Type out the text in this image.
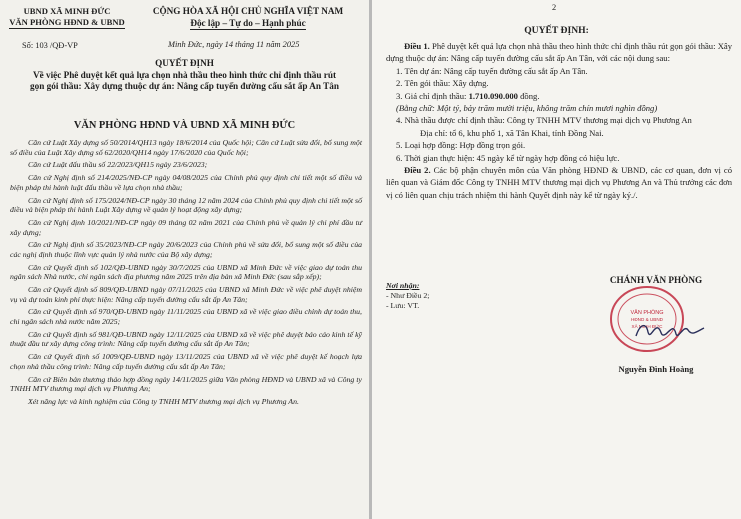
UBND XÃ MINH ĐỨC
VĂN PHÒNG HĐND & UBND
Số: 103 /QĐ-VP
CỘNG HÒA XÃ HỘI CHỦ NGHĨA VIỆT NAM
Độc lập – Tự do – Hạnh phúc
Minh Đức, ngày 14 tháng 11 năm 2025
QUYẾT ĐỊNH
Về việc Phê duyệt kết quả lựa chọn nhà thầu theo hình thức chỉ định thầu rút gọn gói thầu: Xây dựng thuộc dự án: Nâng cấp tuyến đường cấu sắt ấp An Tân
VĂN PHÒNG HĐND VÀ UBND XÃ MINH ĐỨC

Căn cứ Luật Xây dựng số 50/2014/QH13 ngày 18/6/2014 của Quốc hội; Căn cứ Luật sửa đổi, bổ sung một số điều của Luật Xây dựng số 62/2020/QH14 ngày 17/6/2020 của Quốc hội;

Căn cứ Luật đấu thầu số 22/2023/QH15 ngày 23/6/2023;

Căn cứ Nghị định số 214/2025/NĐ-CP ngày 04/08/2025 của Chính phủ quy định chi tiết một số điều và biện pháp thi hành luật đấu thầu về lựa chọn nhà thầu;

Căn cứ Nghị định số 175/2024/NĐ-CP ngày 30 tháng 12 năm 2024 của Chính phủ quy định chi tiết một số điều và biện pháp thi hành Luật Xây dựng về quản lý hoạt động xây dựng;

Căn cứ Nghị định 10/2021/NĐ-CP ngày 09 tháng 02 năm 2021 của Chính phủ về quản lý chi phí đầu tư xây dựng;

Căn cứ Nghị định số 35/2023/NĐ-CP ngày 20/6/2023 của Chính phủ về sửa đổi, bổ sung một số điều của các nghị định thuộc lĩnh vực quản lý nhà nước của Bộ xây dựng;

Căn cứ Quyết định số 102/QĐ-UBND ngày 30/7/2025 của UBND xã Minh Đức về việc giao dự toán thu ngân sách Nhà nước, chi ngân sách địa phương năm 2025 trên địa bàn xã Minh Đức (sau sắp xếp);

Căn cứ Quyết định số 809/QĐ-UBND ngày 07/11/2025 của UBND xã Minh Đức về việc phê duyệt nhiệm vụ và dự toán kinh phí thực hiện: Nâng cấp tuyến đường cấu sắt ấp An Tân;

Căn cứ Quyết định số 970/QĐ-UBND ngày 11/11/2025 của UBND xã về việc giao điều chỉnh dự toán thu, chi ngân sách nhà nước năm 2025;

Căn cứ Quyết định số 981/QĐ-UBND ngày 12/11/2025 của UBND xã về việc phê duyệt báo cáo kinh tế kỹ thuật đầu tư xây dựng công trình: Nâng cấp tuyến đường cấu sắt ấp An Tân;

Căn cứ Quyết định số 1009/QĐ-UBND ngày 13/11/2025 của UBND xã về việc phê duyệt kế hoạch lựa chọn nhà thầu công trình: Nâng cấp tuyến đường cấu sắt ấp An Tân;

Căn cứ Biên bản thương thảo hợp đồng ngày 14/11/2025 giữa Văn phòng HĐND và UBND xã và Công ty TNHH MTV thương mại dịch vụ Phương An;

Xét năng lực và kinh nghiệm của Công ty TNHH MTV thương mại dịch vụ Phương An.

2
QUYẾT ĐỊNH:

Điều 1. Phê duyệt kết quả lựa chọn nhà thầu theo hình thức chỉ định thầu rút gọn gói thầu: Xây dựng thuộc dự án: Nâng cấp tuyến đường cấu sắt ấp An Tân, với các nội dung sau:

1. Tên dự án: Nâng cấp tuyến đường cấu sắt ấp An Tân.

2. Tên gói thầu: Xây dựng.

3. Giá chỉ định thầu: 1.710.090.000 đồng.

(Bằng chữ: Một tỷ, bảy trăm mười triệu, không trăm chín mươi nghìn đồng)

4. Nhà thầu được chỉ định thầu: Công ty TNHH MTV thương mại dịch vụ Phương An

Địa chỉ: tổ 6, khu phố 1, xã Tân Khai, tỉnh Đồng Nai.

5. Loại hợp đồng: Hợp đồng trọn gói.

6. Thời gian thực hiện: 45 ngày kể từ ngày hợp đồng có hiệu lực.

Điều 2. Các bộ phận chuyên môn của Văn phòng HĐND & UBND, các cơ quan, đơn vị có liên quan và Giám đốc Công ty TNHH MTV thương mại dịch vụ Phương An và Thủ trưởng các đơn vị có liên quan chịu trách nhiệm thi hành Quyết định này kể từ ngày ký./.

Nơi nhận:
- Như Điều 2;
- Lưu: VT.
CHÁNH VĂN PHÒNG
VĂN PHÒNG
HĐND & UBND
XÃ MINH ĐỨC
Nguyễn Đình Hoàng
